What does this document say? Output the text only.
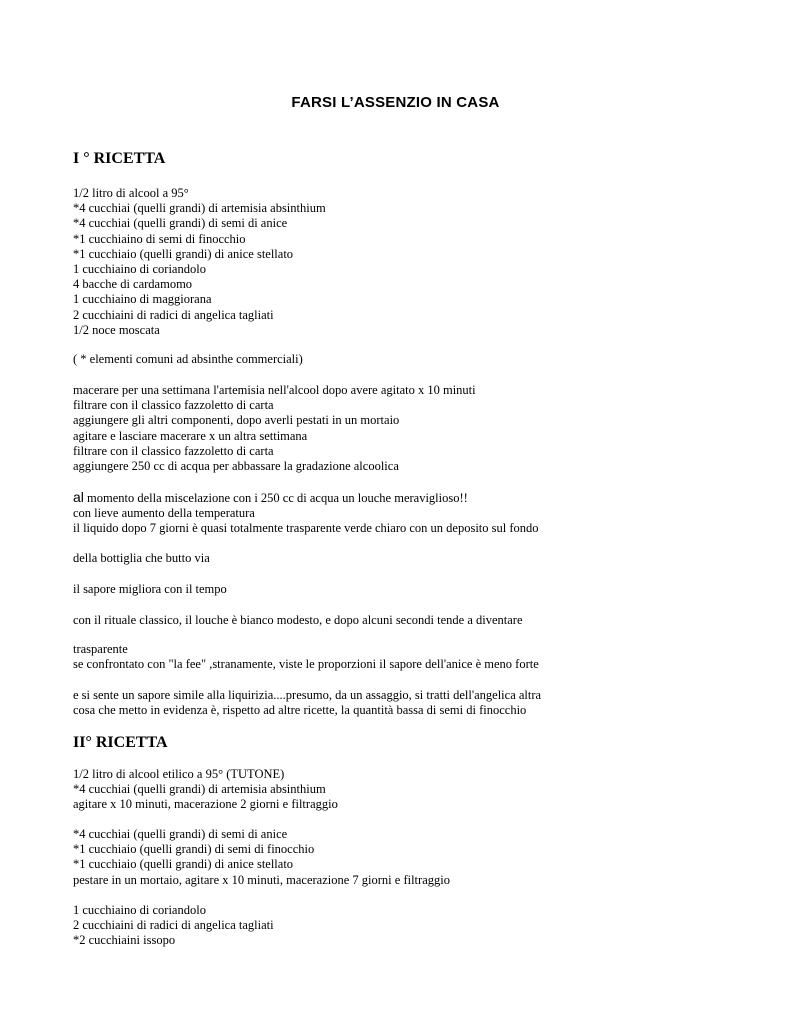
FARSI L’ASSENZIO IN CASA
I ° RICETTA
1/2 litro di alcool a 95°
*4 cucchiai (quelli grandi) di artemisia absinthium
*4 cucchiai (quelli grandi) di semi di anice
*1 cucchiaino di semi di finocchio
*1 cucchiaio (quelli grandi) di anice stellato
1 cucchiaino di coriandolo
4 bacche di cardamomo
1 cucchiaino di maggiorana
2 cucchiaini di radici di angelica tagliati
1/2 noce moscata
( * elementi comuni ad absinthe commerciali)
macerare per una settimana l'artemisia nell'alcool dopo avere agitato x 10 minuti
filtrare con il classico fazzoletto di carta
aggiungere gli altri componenti, dopo averli pestati in un mortaio
agitare e lasciare macerare x un altra settimana
filtrare con il classico fazzoletto di carta
aggiungere 250 cc di acqua per abbassare la gradazione alcoolica
al momento della miscelazione con i 250 cc di acqua un louche meraviglioso!!
con lieve aumento della temperatura
il liquido dopo 7 giorni è quasi totalmente trasparente verde chiaro con un deposito sul fondo
della bottiglia che butto via
il sapore migliora con il tempo
con il rituale classico, il louche è bianco modesto, e dopo alcuni secondi tende a diventare
trasparente
se confrontato con "la fee" ,stranamente, viste le proporzioni il sapore dell'anice è meno forte
e si sente un sapore simile alla liquirizia....presumo, da un assaggio, si tratti dell'angelica altra
cosa che metto in evidenza è, rispetto ad altre ricette, la quantità bassa di semi di finocchio
II° RICETTA
1/2 litro di alcool etilico a 95° (TUTONE)
*4 cucchiai (quelli grandi) di artemisia absinthium
agitare x 10 minuti, macerazione 2 giorni e filtraggio
*4 cucchiai (quelli grandi) di semi di anice
*1 cucchiaio (quelli grandi) di semi di finocchio
*1 cucchiaio (quelli grandi) di anice stellato
pestare in un mortaio, agitare x 10 minuti, macerazione 7 giorni e filtraggio
1 cucchiaino di coriandolo
2 cucchiaini di radici di angelica tagliati
*2 cucchiaini issopo
